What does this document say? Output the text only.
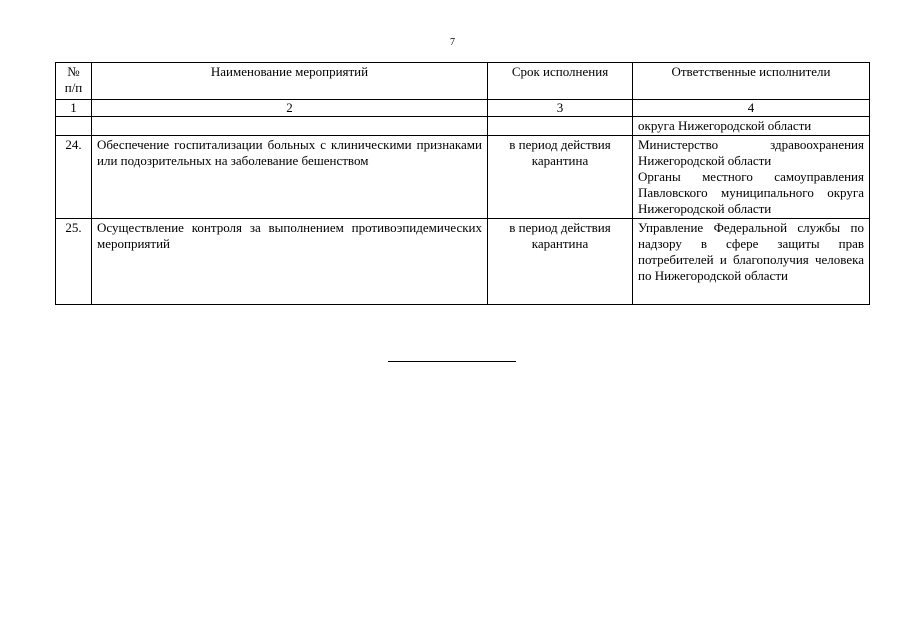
7
№ п/п	Наименование мероприятий	Срок исполнения	Ответственные исполнители
1	2	3	4
			округа Нижегородской области
24.	Обеспечение госпитализации больных с клиническими признаками или подозрительных на заболевание бешенством	в период действия карантина	Министерство здравоохранения Нижегородской области
Органы местного самоуправления Павловского муниципального округа Нижегородской области

25.	Осуществление контроля за выполнением противоэпидемических мероприятий	в период действия карантина	Управление Федеральной службы по надзору в сфере защиты прав потребителей и благополучия человека по Нижегородской области
